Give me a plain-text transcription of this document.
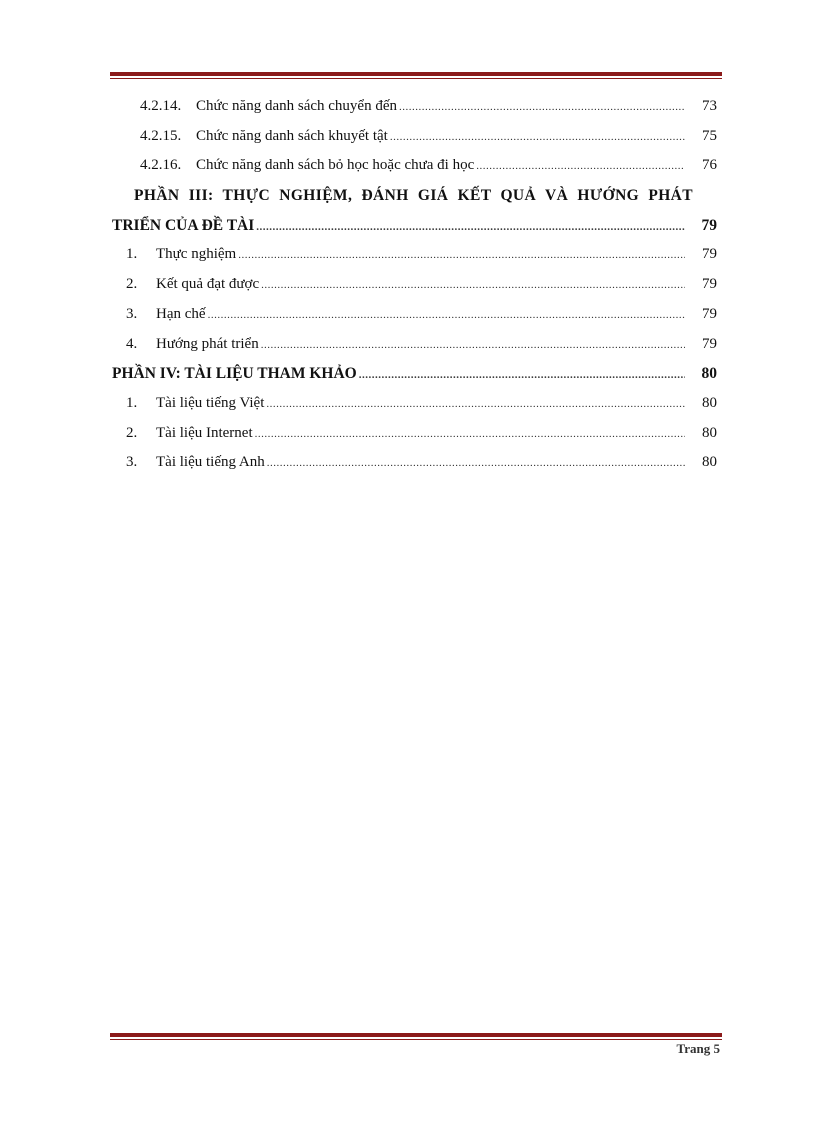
4.2.14. Chức năng danh sách chuyển đến .....	73
4.2.15. Chức năng danh sách khuyết tật .....	75
4.2.16. Chức năng danh sách bỏ học hoặc chưa đi học .....	76
PHẦN III: THỰC NGHIỆM, ĐÁNH GIÁ KẾT QUẢ VÀ HƯỚNG PHÁT
TRIỂN CỦA ĐỀ TÀI .....	79
1.	Thực nghiệm .....	79
2.	Kết quả đạt được .....	79
3.	Hạn chế .....	79
4.	Hướng phát triển .....	79
PHẦN IV: TÀI LIỆU THAM KHẢO .....	80
1.	Tài liệu tiếng Việt .....	80
2.	Tài liệu Internet .....	80
3.	Tài liệu tiếng Anh .....	80
Trang 5
